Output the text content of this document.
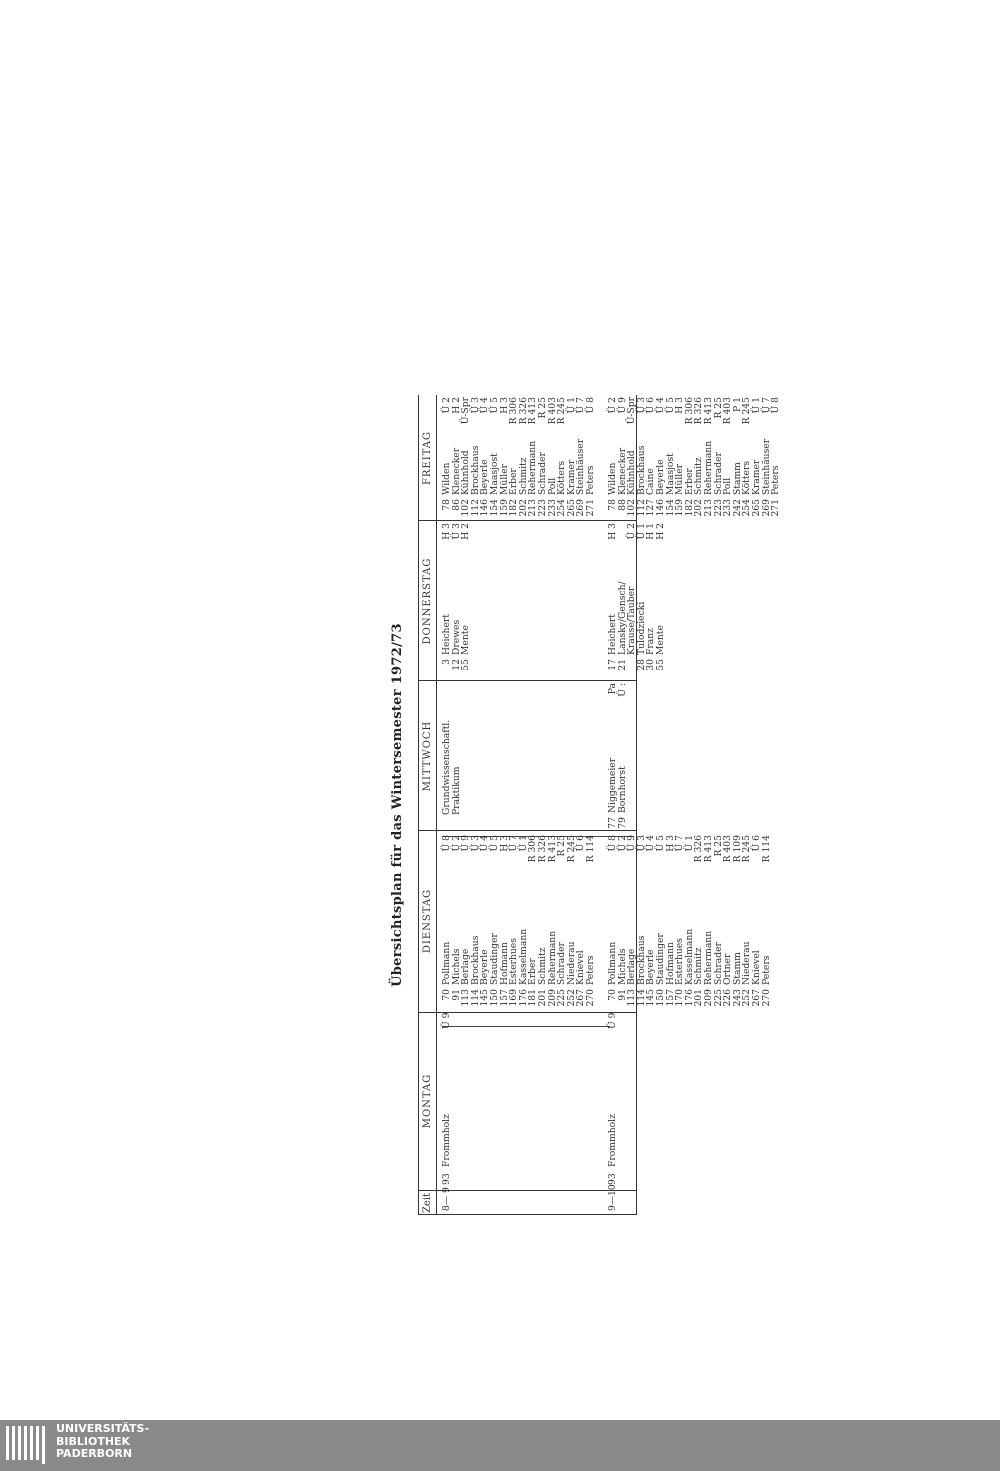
Übersichtsplan für das Wintersemester 1972/73
Zeit
MONTAG
DIENSTAG
MITTWOCH
DONNERSTAG
FREITAG
8— 9
93
Frommholz
Ü 9
70
91
113
114
145
150
157
169
176
181
201
209
225
252
267
270
Pollmann
Michels
Berlage
Brockhaus
Beyerle
Staudinger
Hofmann
Esterhues
Kasselmann
Erber
Schmitz
Rehermann
Schrader
Niederau
Knievel
Peters
Ü 8
Ü 2
Ü 9
Ü 3
Ü 4
Ü 5
H 3
Ü 7
Ü 1
R 306
R 326
R 413
R 25
R 245
Ü 6
R 114
Grundwissenschaftl.
Praktikum
3
12
55
Heichert
Drewes
Mente
H 3
Ü 3
H 2
78
86
102
112
146
154
159
182
202
213
223
233
254
265
269
271
Wilden
Klenecker
Kühnhold
Brockhaus
Beyerle
Maasjost
Müller
Erber
Schmitz
Rehermann
Schrader
Poll
Kötters
Kramer
Steinhäuser
Peters
Ü 2
H 2
Ü-Spr
Ü 3
Ü 4
Ü 5
H 3
R 306
R 326
R 413
R 25
R 403
R 245
Ü 1
Ü 7
Ü 8
9—10
93
Frommholz
Ü 9
70
91
113
114
145
150
157
170
176
201
209
225
226
243
252
267
270
Pollmann
Michels
Berlage
Brockhaus
Beyerle
Staudinger
Hofmann
Esterhues
Kasselmann
Schmitz
Rehermann
Schrader
Ortner
Stamm
Niederau
Knievel
Peters
Ü 8
Ü 2
Ü 9
Ü 3
Ü 4
Ü 5
H 3
Ü 7
Ü 1
R 326
R 413
R 25
R 403
R 109
R 245
Ü 6
R 114
77
79
Niggemeier
Bornhorst
Pa
Ü :
17
21

28
30
55
Heichert
Lansky/Gensch/
Krause/Tauber
Tulodziecki
Franz
Mente
H 3

Ü 2
Ü 1
H 1
H 2
78
88
102
112
127
146
154
159
182
202
213
223
233
242
254
265
269
271
Wilden
Klenecker
Kühnhold
Brockhaus
Caine
Beyerle
Maasjost
Müller
Erber
Schmitz
Rehermann
Schrader
Poll
Stamm
Kötters
Kramer
Steinhäuser
Peters
Ü 2
Ü 9
Ü-Spr
Ü 3
Ü 6
Ü 4
Ü 5
H 3
R 306
R 326
R 413
R 25
R 403
P 1
R 245
Ü 1
Ü 7
Ü 8
UNIVERSITÄTS-
BIBLIOTHEK
PADERBORN
